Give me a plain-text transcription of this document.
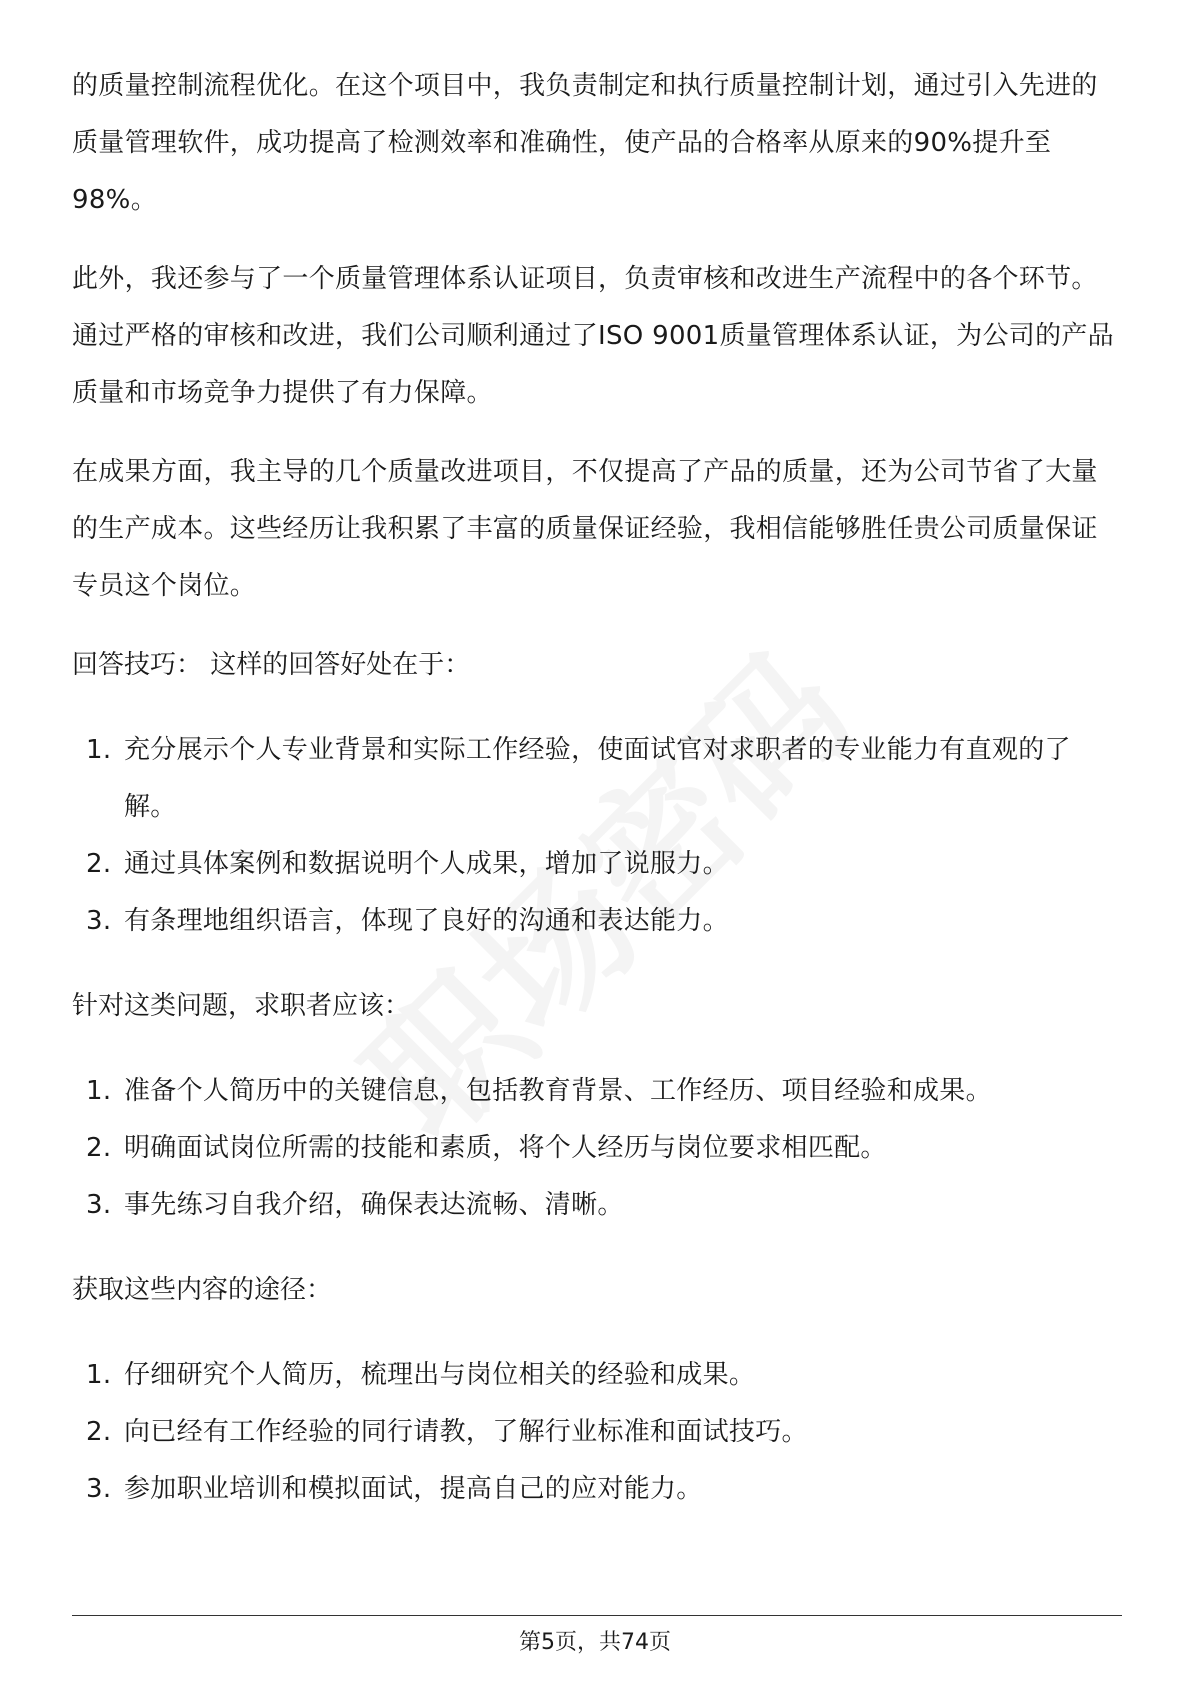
的质量控制流程优化。在这个项目中，我负责制定和执行质量控制计划，通过引入先进的质量管理软件，成功提高了检测效率和准确性，使产品的合格率从原来的90%提升至98%。

此外，我还参与了一个质量管理体系认证项目，负责审核和改进生产流程中的各个环节。通过严格的审核和改进，我们公司顺利通过了ISO 9001质量管理体系认证，为公司的产品质量和市场竞争力提供了有力保障。

在成果方面，我主导的几个质量改进项目，不仅提高了产品的质量，还为公司节省了大量的生产成本。这些经历让我积累了丰富的质量保证经验，我相信能够胜任贵公司质量保证专员这个岗位。

回答技巧： 这样的回答好处在于：

1. 充分展示个人专业背景和实际工作经验，使面试官对求职者的专业能力有直观的了解。
2. 通过具体案例和数据说明个人成果，增加了说服力。
3. 有条理地组织语言，体现了良好的沟通和表达能力。

针对这类问题，求职者应该：

1. 准备个人简历中的关键信息，包括教育背景、工作经历、项目经验和成果。
2. 明确面试岗位所需的技能和素质，将个人经历与岗位要求相匹配。
3. 事先练习自我介绍，确保表达流畅、清晰。

获取这些内容的途径：

1. 仔细研究个人简历，梳理出与岗位相关的经验和成果。
2. 向已经有工作经验的同行请教，了解行业标准和面试技巧。
3. 参加职业培训和模拟面试，提高自己的应对能力。
第5页，共74页
